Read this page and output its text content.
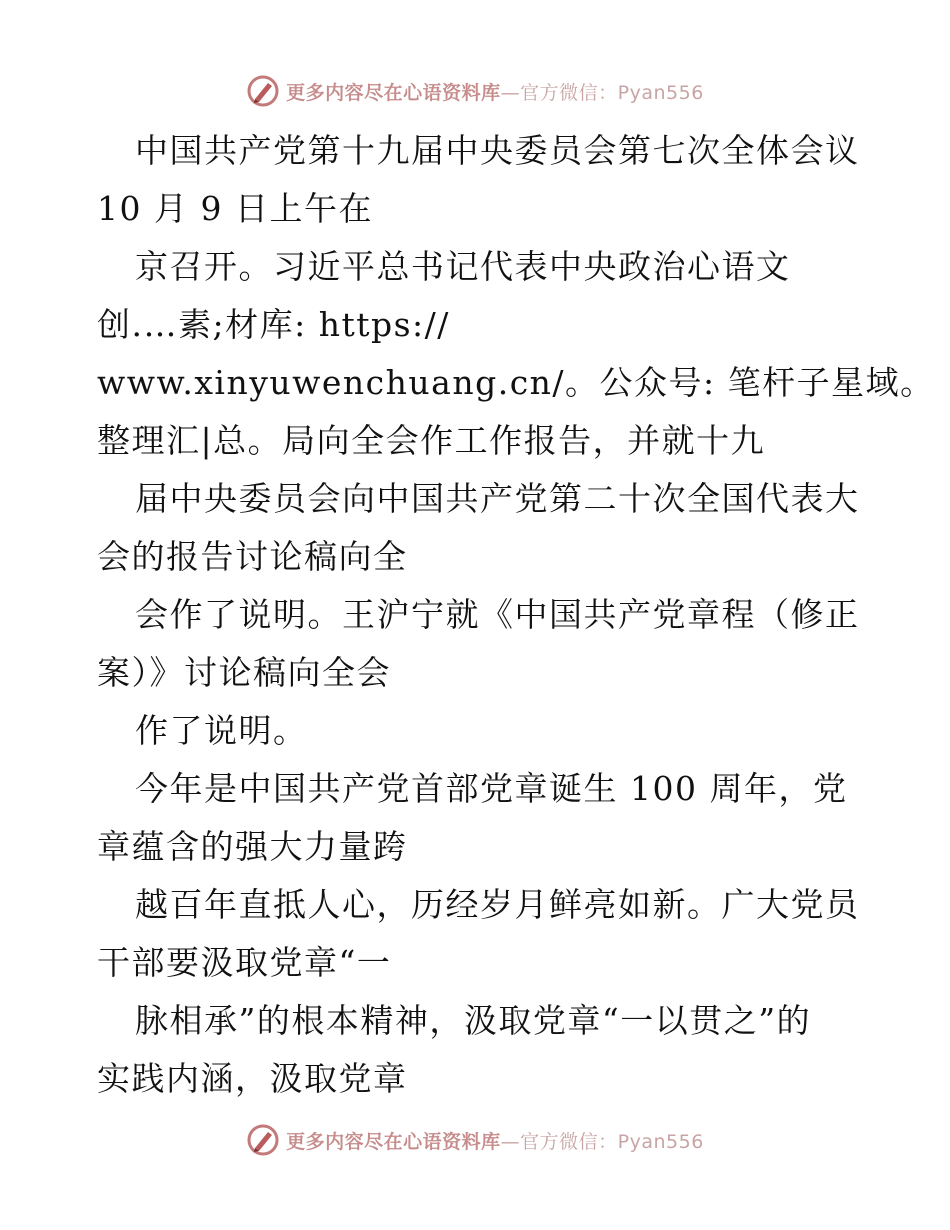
更多内容尽在心语资料库—官方微信：Pyan556
中国共产党第十九届中央委员会第七次全体会议
10 月 9 日上午在
京召开。习近平总书记代表中央政治心语文
创.…素;材库: https://
www.xinyuwenchuang.cn/。公众号: 笔杆子星域。
整理汇|总。局向全会作工作报告，并就十九
届中央委员会向中国共产党第二十次全国代表大
会的报告讨论稿向全
会作了说明。王沪宁就《中国共产党章程（修正
案）》讨论稿向全会
作了说明。
今年是中国共产党首部党章诞生 100 周年，党
章蕴含的强大力量跨
越百年直抵人心，历经岁月鲜亮如新。广大党员
干部要汲取党章“一
脉相承”的根本精神，汲取党章“一以贯之”的
实践内涵，汲取党章
更多内容尽在心语资料库—官方微信：Pyan556
